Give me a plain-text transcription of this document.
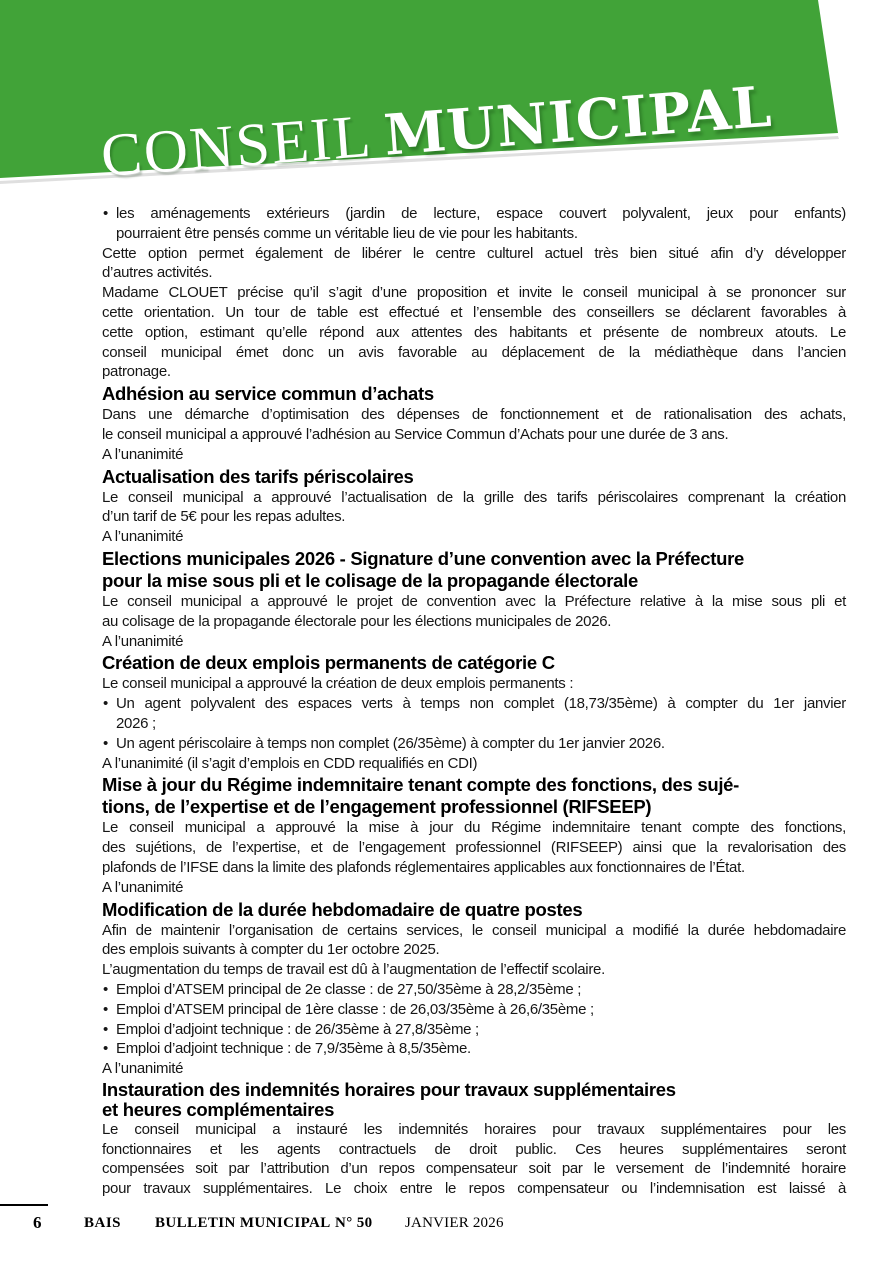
CONSEIL MUNICIPAL
• les aménagements extérieurs (jardin de lecture, espace couvert polyvalent, jeux pour enfants)
pourraient être pensés comme un véritable lieu de vie pour les habitants.
Cette option permet également de libérer le centre culturel actuel très bien situé afin d’y développer
d’autres activités.
Madame CLOUET précise qu’il s’agit d’une proposition et invite le conseil municipal à se prononcer sur
cette orientation. Un tour de table est effectué et l’ensemble des conseillers se déclarent favorables à
cette option, estimant qu’elle répond aux attentes des habitants et présente de nombreux atouts. Le
conseil municipal émet donc un avis favorable au déplacement de la médiathèque dans l’ancien
patronage.
Adhésion au service commun d’achats
Dans une démarche d’optimisation des dépenses de fonctionnement et de rationalisation des achats,
le conseil municipal a approuvé l’adhésion au Service Commun d’Achats pour une durée de 3 ans.
A l’unanimité
Actualisation des tarifs périscolaires
Le conseil municipal a approuvé l’actualisation de la grille des tarifs périscolaires comprenant la création
d’un tarif de 5€ pour les repas adultes.
A l’unanimité
Elections municipales 2026 - Signature d’une convention avec la Préfecture
pour la mise sous pli et le colisage de la propagande électorale
Le conseil municipal a approuvé le projet de convention avec la Préfecture relative à la mise sous pli et
au colisage de la propagande électorale pour les élections municipales de 2026.
A l’unanimité
Création de deux emplois permanents de catégorie C
Le conseil municipal a approuvé la création de deux emplois permanents :
• Un agent polyvalent des espaces verts à temps non complet (18,73/35ème) à compter du 1er janvier
2026 ;
• Un agent périscolaire à temps non complet (26/35ème) à compter du 1er janvier 2026.
A l’unanimité (il s’agit d’emplois en CDD requalifiés en CDI)
Mise à jour du Régime indemnitaire tenant compte des fonctions, des sujé-
tions, de l’expertise et de l’engagement professionnel (RIFSEEP)
Le conseil municipal a approuvé la mise à jour du Régime indemnitaire tenant compte des fonctions,
des sujétions, de l’expertise, et de l’engagement professionnel (RIFSEEP) ainsi que la revalorisation des
plafonds de l’IFSE dans la limite des plafonds réglementaires applicables aux fonctionnaires de l’État.
A l’unanimité
Modification de la durée hebdomadaire de quatre postes
Afin de maintenir l’organisation de certains services, le conseil municipal a modifié la durée hebdomadaire
des emplois suivants à compter du 1er octobre 2025.
L’augmentation du temps de travail est dû à l’augmentation de l’effectif scolaire.
• Emploi d’ATSEM principal de 2e classe : de 27,50/35ème à 28,2/35ème ;
• Emploi d’ATSEM principal de 1ère classe : de 26,03/35ème à 26,6/35ème ;
• Emploi d’adjoint technique : de 26/35ème à 27,8/35ème ;
• Emploi d’adjoint technique : de 7,9/35ème à 8,5/35ème.
A l’unanimité
Instauration des indemnités horaires pour travaux supplémentaires
et heures complémentaires
Le conseil municipal a instauré les indemnités horaires pour travaux supplémentaires pour les
fonctionnaires et les agents contractuels de droit public. Ces heures supplémentaires seront
compensées soit par l’attribution d’un repos compensateur soit par le versement de l’indemnité horaire
pour travaux supplémentaires. Le choix entre le repos compensateur ou l’indemnisation est laissé à
6	BAIS BULLETIN MUNICIPAL N° 50 JANVIER 2026
